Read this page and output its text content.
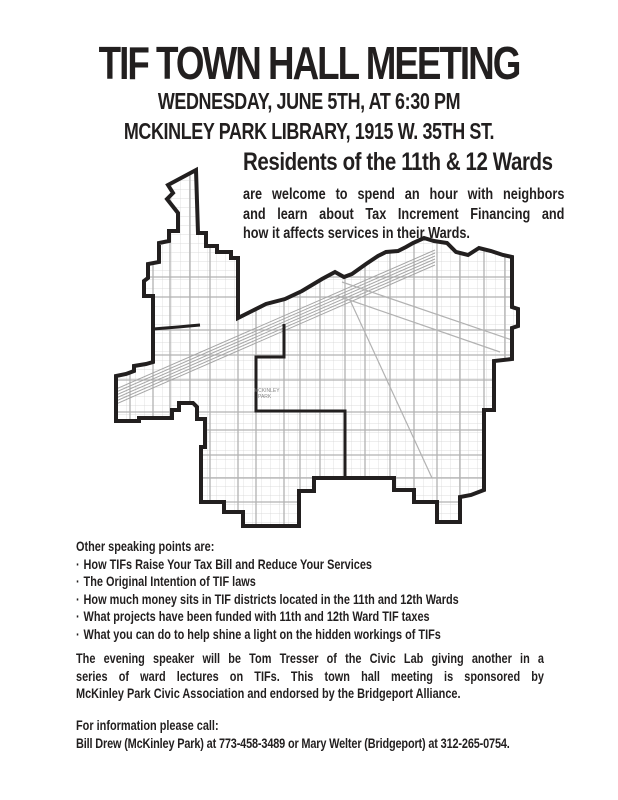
MCKINLEY
PARK
TIF TOWN HALL MEETING
WEDNESDAY, JUNE 5TH, AT 6:30 PM
MCKINLEY PARK LIBRARY, 1915 W. 35TH ST.
Residents of the 11th & 12 Wards
are welcome to spend an hour with neighbors
and learn about Tax Increment Financing and
how it affects services in their Wards.
Other speaking points are:
· How TIFs Raise Your Tax Bill and Reduce Your Services
· The Original Intention of TIF laws
· How much money sits in TIF districts located in the 11th and 12th Wards
· What projects have been funded with 11th and 12th Ward TIF taxes
· What you can do to help shine a light on the hidden workings of TIFs
The evening speaker will be Tom Tresser of the Civic Lab giving another in a
series of ward lectures on TIFs. This town hall meeting is sponsored by
McKinley Park Civic Association and endorsed by the Bridgeport Alliance.
For information please call:
Bill Drew (McKinley Park) at 773-458-3489 or Mary Welter (Bridgeport) at 312-265-0754.
